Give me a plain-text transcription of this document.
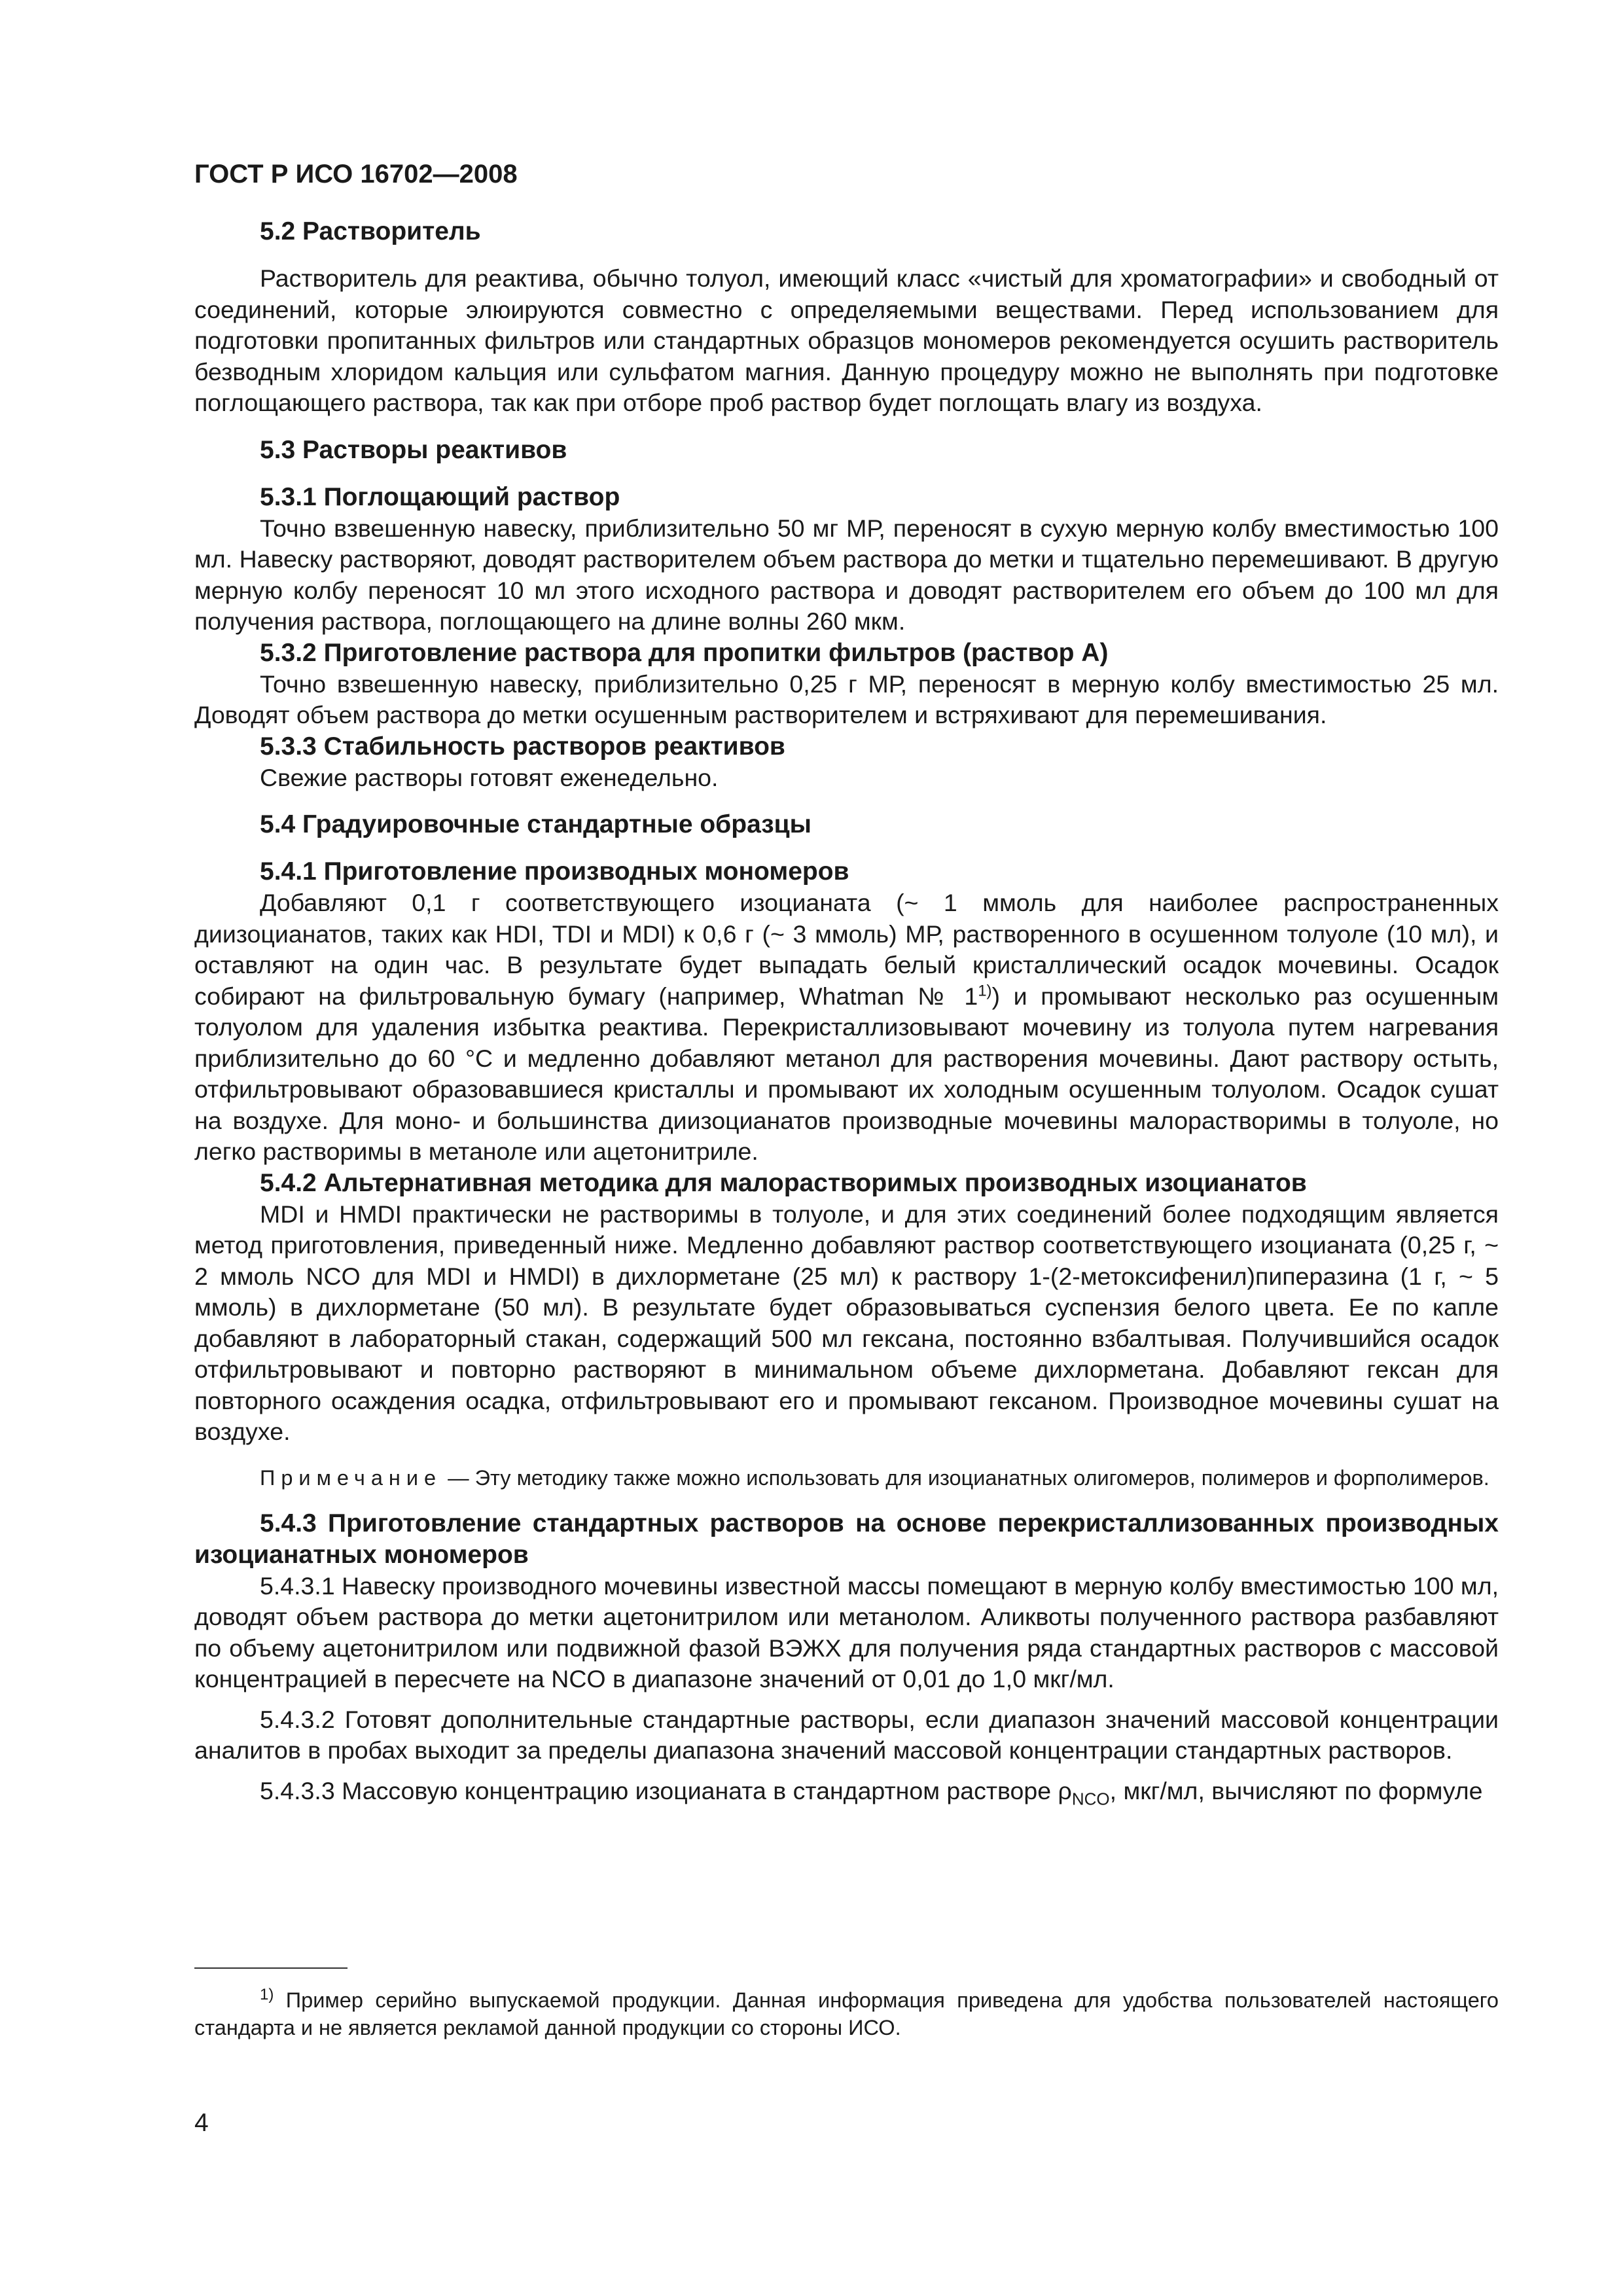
ГОСТ Р ИСО 16702—2008
5.2 Растворитель

Растворитель для реактива, обычно толуол, имеющий класс «чистый для хроматографии» и свободный от соединений, которые элюируются совместно с определяемыми веществами. Перед использованием для подготовки пропитанных фильтров или стандартных образцов мономеров рекомендуется осушить растворитель безводным хлоридом кальция или сульфатом магния. Данную процедуру можно не выполнять при подготовке поглощающего раствора, так как при отборе проб раствор будет поглощать влагу из воздуха.

5.3 Растворы реактивов
5.3.1 Поглощающий раствор

Точно взвешенную навеску, приблизительно 50 мг МР, переносят в сухую мерную колбу вместимостью 100 мл. Навеску растворяют, доводят растворителем объем раствора до метки и тщательно перемешивают. В другую мерную колбу переносят 10 мл этого исходного раствора и доводят растворителем его объем до 100 мл для получения раствора, поглощающего на длине волны 260 мкм.

5.3.2 Приготовление раствора для пропитки фильтров (раствор А)

Точно взвешенную навеску, приблизительно 0,25 г МР, переносят в мерную колбу вместимостью 25 мл. Доводят объем раствора до метки осушенным растворителем и встряхивают для перемешивания.

5.3.3 Стабильность растворов реактивов

Свежие растворы готовят еженедельно.

5.4 Градуировочные стандартные образцы
5.4.1 Приготовление производных мономеров

Добавляют 0,1 г соответствующего изоцианата (~ 1 ммоль для наиболее распространенных диизоцианатов, таких как HDI, TDI и MDI) к 0,6 г (~ 3 ммоль) МР, растворенного в осушенном толуоле (10 мл), и оставляют на один час. В результате будет выпадать белый кристаллический осадок мочевины. Осадок собирают на фильтровальную бумагу (например, Whatman № 1$^{1)}$) и промывают несколько раз осушенным толуолом для удаления избытка реактива. Перекристаллизовывают мочевину из толуола путем нагревания приблизительно до 60 °С и медленно добавляют метанол для растворения мочевины. Дают раствору остыть, отфильтровывают образовавшиеся кристаллы и промывают их холодным осушенным толуолом. Осадок сушат на воздухе. Для моно- и большинства диизоцианатов производные мочевины малорастворимы в толуоле, но легко растворимы в метаноле или ацетонитриле.

5.4.2 Альтернативная методика для малорастворимых производных изоцианатов

MDI и HMDI практически не растворимы в толуоле, и для этих соединений более подходящим является метод приготовления, приведенный ниже. Медленно добавляют раствор соответствующего изоцианата (0,25 г, ~ 2 ммоль NCO для MDI и HMDI) в дихлорметане (25 мл) к раствору 1-(2-метоксифенил)пиперазина (1 г, ~ 5 ммоль) в дихлорметане (50 мл). В результате будет образовываться суспензия белого цвета. Ее по капле добавляют в лабораторный стакан, содержащий 500 мл гексана, постоянно взбалтывая. Получившийся осадок отфильтровывают и повторно растворяют в минимальном объеме дихлорметана. Добавляют гексан для повторного осаждения осадка, отфильтровывают его и промывают гексаном. Производное мочевины сушат на воздухе.

Примечание — Эту методику также можно использовать для изоцианатных олигомеров, полимеров и форполимеров.

5.4.3 Приготовление стандартных растворов на основе перекристаллизованных производных изоцианатных мономеров

5.4.3.1 Навеску производного мочевины известной массы помещают в мерную колбу вместимостью 100 мл, доводят объем раствора до метки ацетонитрилом или метанолом. Аликвоты полученного раствора разбавляют по объему ацетонитрилом или подвижной фазой ВЭЖХ для получения ряда стандартных растворов с массовой концентрацией в пересчете на NCO в диапазоне значений от 0,01 до 1,0 мкг/мл.

5.4.3.2 Готовят дополнительные стандартные растворы, если диапазон значений массовой концентрации аналитов в пробах выходит за пределы диапазона значений массовой концентрации стандартных растворов.

5.4.3.3 Массовую концентрацию изоцианата в стандартном растворе $\rho_{NCO}$, мкг/мл, вычисляют по формуле

$^{1)}$ Пример серийно выпускаемой продукции. Данная информация приведена для удобства пользователей настоящего стандарта и не является рекламой данной продукции со стороны ИСО.
4
